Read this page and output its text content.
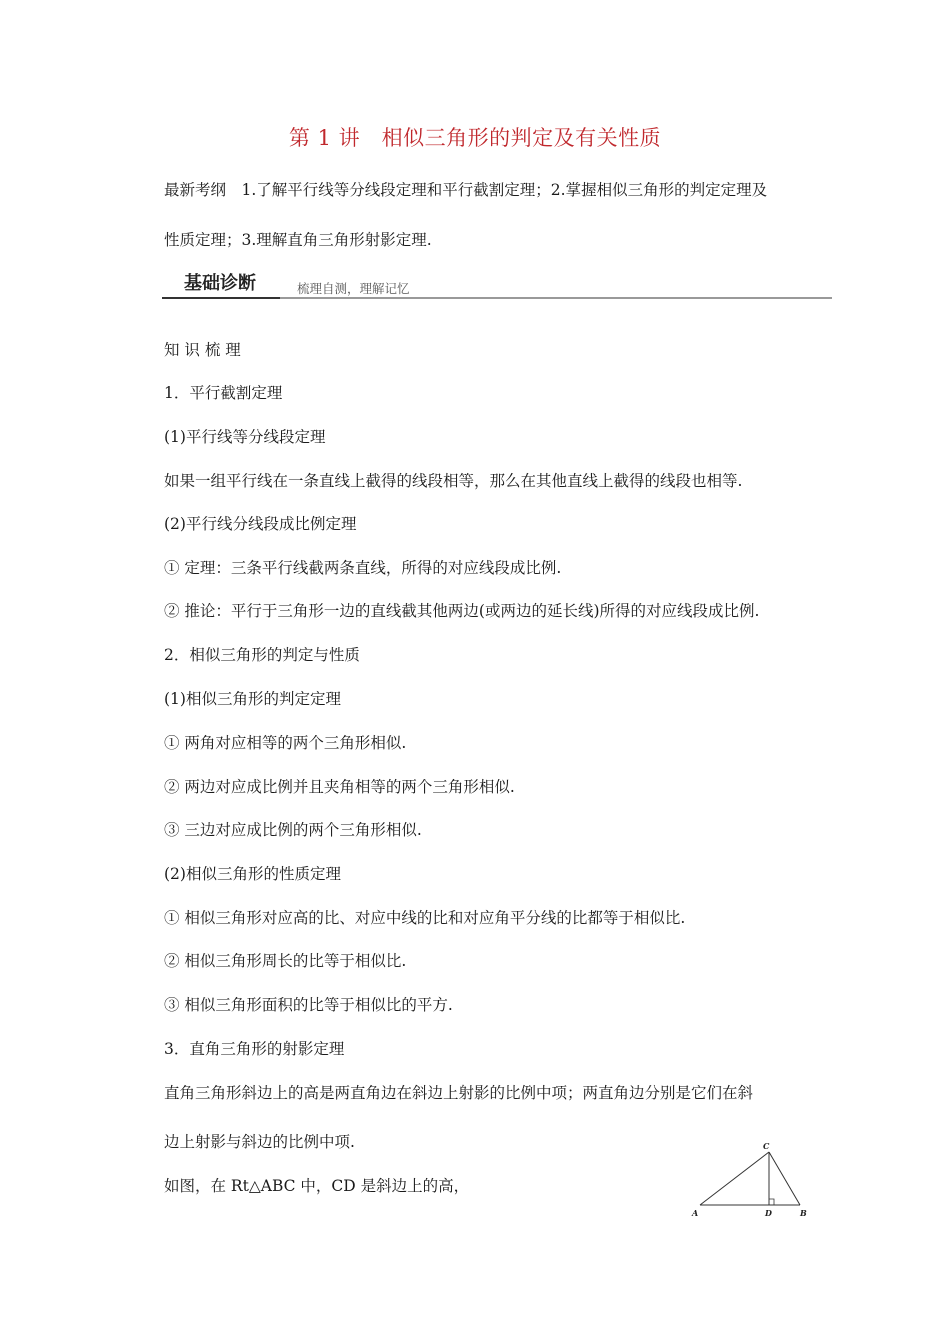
第 1 讲　相似三角形的判定及有关性质
最新考纲　1.了解平行线等分线段定理和平行截割定理；2.掌握相似三角形的判定定理及
性质定理；3.理解直角三角形射影定理.
基础诊断	梳理自测，理解记忆
知 识 梳 理
1．平行截割定理
(1)平行线等分线段定理
如果一组平行线在一条直线上截得的线段相等，那么在其他直线上截得的线段也相等.
(2)平行线分线段成比例定理
① 定理：三条平行线截两条直线，所得的对应线段成比例.
② 推论：平行于三角形一边的直线截其他两边(或两边的延长线)所得的对应线段成比例.
2．相似三角形的判定与性质
(1)相似三角形的判定定理
① 两角对应相等的两个三角形相似.
② 两边对应成比例并且夹角相等的两个三角形相似.
③ 三边对应成比例的两个三角形相似.
(2)相似三角形的性质定理
① 相似三角形对应高的比、对应中线的比和对应角平分线的比都等于相似比.
② 相似三角形周长的比等于相似比.
③ 相似三角形面积的比等于相似比的平方.
3．直角三角形的射影定理
直角三角形斜边上的高是两直角边在斜边上射影的比例中项；两直角边分别是它们在斜
边上射影与斜边的比例中项.
如图，在 Rt△ABC 中，CD 是斜边上的高，
C
A	D	B
